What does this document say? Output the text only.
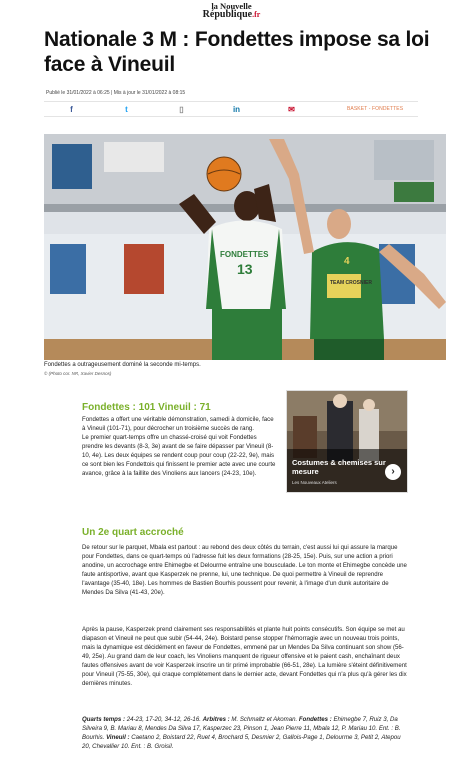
la Nouvelle
République.fr
Nationale 3 M : Fondettes impose sa loi face à Vineuil
Publié le 31/01/2022 à 06:25 | Mis à jour le 31/01/2022 à 08:15
f	t	▯	in	✉	BASKET - FONDETTES
FONDETTES
13
TEAM CROSNIER
4
Fondettes a outrageusement dominé la seconde mi-temps.
© (Photo cor. NR, Xavier Desnos)
Fondettes : 101 Vineuil : 71

Fondettes a offert une véritable démonstration, samedi à domicile, face à Vineuil (101-71), pour décrocher un troisième succès de rang.

Le premier quart-temps offre un chassé-croisé qui voit Fondettes prendre les devants (8-3, 3e) avant de se faire dépasser par Vineuil (8-10, 4e). Les deux équipes se rendent coup pour coup (22-22, 9e), mais ce sont bien les Fondettois qui finissent le premier acte avec une courte avance, grâce à la faillite des Vinoliens aux lancers (24-23, 10e).

Costumes & chemises sur mesure
Les Nouveaux Ateliers
›
Un 2e quart accroché

De retour sur le parquet, Mbala est partout : au rebond des deux côtés du terrain, c'est aussi lui qui assure la marque pour Fondettes, dans ce quart-temps où l'adresse fuit les deux formations (28-25, 15e). Puis, sur une action a priori anodine, un accrochage entre Ehimegbe et Delourme entraîne une bousculade. Le ton monte et Ehimegbe concède une faute antisportive, avant que Kasperzek ne prenne, lui, une technique. De quoi permettre à Vineuil de reprendre l'avantage (35-40, 18e). Les hommes de Bastien Bourhis poussent pour revenir, à l'image d'un dunk autoritaire de Mendes Da Silva (41-43, 20e).

Après la pause, Kasperzek prend clairement ses responsabilités et plante huit points consécutifs. Son équipe se met au diapason et Vineuil ne peut que subir (54-44, 24e). Boistard pense stopper l'hémorragie avec un nouveau trois points, mais la dynamique est décidément en faveur de Fondettes, emmené par un Mendes Da Silva continuant son show (56-49, 25e). Au grand dam de leur coach, les Vinoliens manquent de rigueur offensive et le paient cash, enchaînant deux fautes offensives avant de voir Kasperzek inscrire un tir primé improbable (66-51, 28e). La lumière s'éteint définitivement pour Vineuil (75-55, 30e), qui craque complètement dans le dernier acte, devant Fondettes qui n'a plus qu'à gérer les dix dernières minutes.

Quarts temps : 24-23, 17-20, 34-12, 26-16. Arbitres : M. Schmaltz et Akoman. Fondettes : Ehimegbe 7, Ruiz 3, Da Silveira 9, B. Mariau 8, Mendes Da Silva 17, Kasperzec 23, Pinson 1, Jean Pierre 11, Mbala 12, P. Mariau 10. Ent. : B. Bourhis. Vineuil : Caetano 2, Boistard 22, Ruet 4, Brochard 5, Desmier 2, Gallois-Page 1, Delourme 3, Petit 2, Atepou 20, Chevallier 10. Ent. : B. Groisil.
